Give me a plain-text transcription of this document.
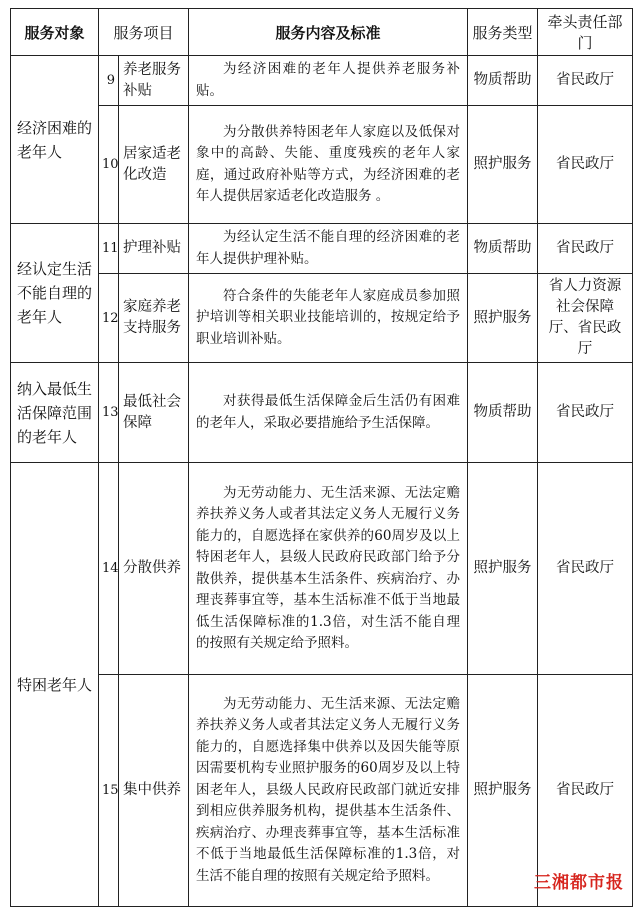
服务对象	服务项目		服务内容及标准	服务类型	牵头责任部门
经济困难的老年人	9	养老服务补贴	为经济困难的老年人提供养老服务补贴。	物质帮助	省民政厅
	10	居家适老化改造	为分散供养特困老年人家庭以及低保对象中的高龄、失能、重度残疾的老年人家庭，通过政府补贴等方式，为经济困难的老年人提供居家适老化改造服务 。	照护服务	省民政厅
经认定生活不能自理的老年人	11	护理补贴	为经认定生活不能自理的经济困难的老年人提供护理补贴。	物质帮助	省民政厅
	12	家庭养老支持服务	符合条件的失能老年人家庭成员参加照护培训等相关职业技能培训的，按规定给予职业培训补贴。	照护服务	省人力资源社会保障厅、省民政厅
纳入最低生活保障范围的老年人	13	最低社会保障	对获得最低生活保障金后生活仍有困难的老年人，采取必要措施给予生活保障。	物质帮助	省民政厅
特困老年人	14	分散供养	为无劳动能力、无生活来源、无法定赡养扶养义务人或者其法定义务人无履行义务能力的，自愿选择在家供养的60周岁及以上特困老年人，县级人民政府民政部门给予分散供养，提供基本生活条件、疾病治疗、办理丧葬事宜等，基本生活标准不低于当地最低生活保障标准的1.3倍，对生活不能自理的按照有关规定给予照料。	照护服务	省民政厅
	15	集中供养	为无劳动能力、无生活来源、无法定赡养扶养义务人或者其法定义务人无履行义务能力的，自愿选择集中供养以及因失能等原因需要机构专业照护服务的60周岁及以上特困老年人，县级人民政府民政部门就近安排到相应供养服务机构，提供基本生活条件、疾病治疗、办理丧葬事宜等，基本生活标准不低于当地最低生活保障标准的1.3倍，对生活不能自理的按照有关规定给予照料。	照护服务	省民政厅
三湘都市报
